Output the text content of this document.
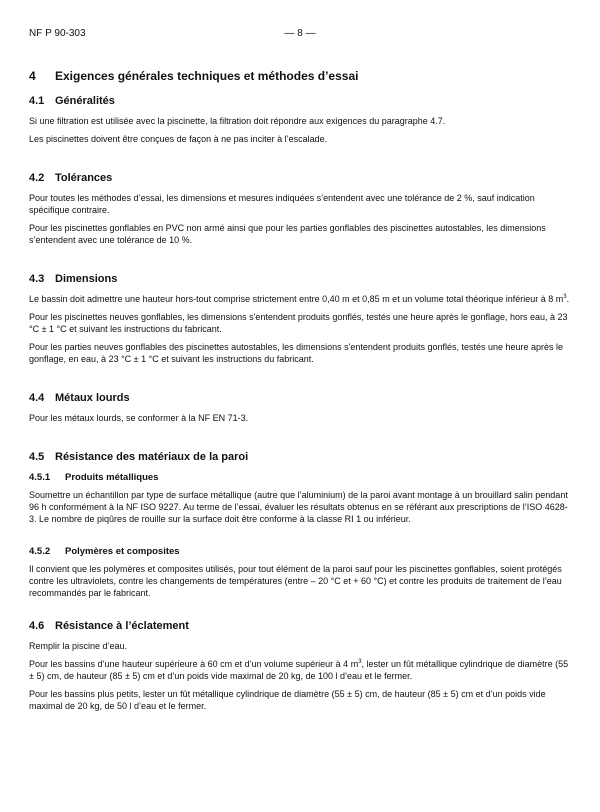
NF P 90-303	— 8 —
4	Exigences générales techniques et méthodes d’essai
4.1 Généralités
Si une filtration est utilisée avec la piscinette, la filtration doit répondre aux exigences du paragraphe 4.7.
Les piscinettes doivent être conçues de façon à ne pas inciter à l’escalade.
4.2 Tolérances
Pour toutes les méthodes d’essai, les dimensions et mesures indiquées s’entendent avec une tolérance de 2 %, sauf indication spécifique contraire.
Pour les piscinettes gonflables en PVC non armé ainsi que pour les parties gonflables des piscinettes autostables, les dimensions s’entendent avec une tolérance de 10 %.
4.3 Dimensions
Le bassin doit admettre une hauteur hors-tout comprise strictement entre 0,40 m et 0,85 m et un volume total théorique inférieur à 8 $m^3$.
Pour les piscinettes neuves gonflables, les dimensions s'entendent produits gonflés, testés une heure après le gonflage, hors eau, à 23 °C ± 1 °C et suivant les instructions du fabricant.
Pour les parties neuves gonflables des piscinettes autostables, les dimensions s'entendent produits gonflés, testés une heure après le gonflage, en eau, à 23 °C ± 1 °C et suivant les instructions du fabricant.
4.4 Métaux lourds
Pour les métaux lourds, se conformer à la NF EN 71-3.
4.5 Résistance des matériaux de la paroi
4.5.1	Produits métalliques
Soumettre un échantillon par type de surface métallique (autre que l’aluminium) de la paroi avant montage à un brouillard salin pendant 96 h conformément à la NF ISO 9227. Au terme de l’essai, évaluer les résultats obtenus en se référant aux prescriptions de l’ISO 4628-3. Le nombre de piqûres de rouille sur la surface doit être conforme à la classe RI 1 ou inférieur.
4.5.2	Polymères et composites
Il convient que les polymères et composites utilisés, pour tout élément de la paroi sauf pour les piscinettes gonflables, soient protégés contre les ultraviolets, contre les changements de températures (entre – 20 °C et + 60 °C) et contre les produits de traitement de l’eau recommandés par le fabricant.
4.6 Résistance à l’éclatement
Remplir la piscine d’eau.
Pour les bassins d’une hauteur supérieure à 60 cm et d’un volume supérieur à 4 $m^3$, lester un fût métallique cylindrique de diamètre (55 ± 5) cm, de hauteur (85 ± 5) cm et d’un poids vide maximal de 20 kg, de 100 l d’eau et le fermer.
Pour les bassins plus petits, lester un fût métallique cylindrique de diamètre (55 ± 5) cm, de hauteur (85 ± 5) cm et d’un poids vide maximal de 20 kg, de 50 l d’eau et le fermer.
